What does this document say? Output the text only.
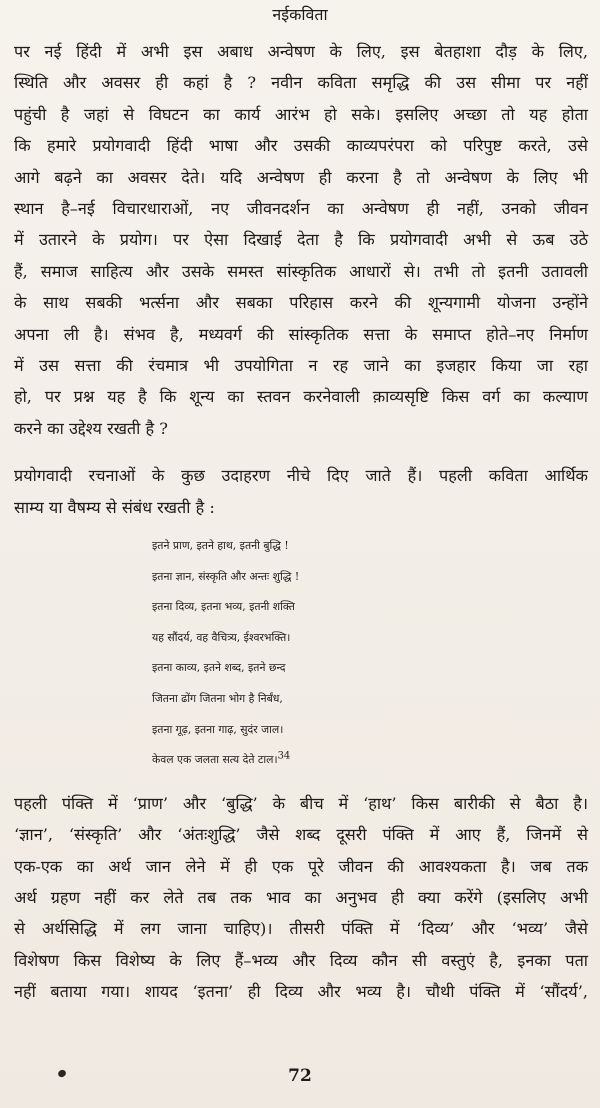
नईकविता

पर नई हिंदी में अभी इस अबाध अन्वेषण के लिए, इस बेतहाशा दौड़ के लिए,
स्थिति और अवसर ही कहां है ? नवीन कविता समृद्धि की उस सीमा पर नहीं
पहुंची है जहां से विघटन का कार्य आरंभ हो सके। इसलिए अच्छा तो यह होता
कि हमारे प्रयोगवादी हिंदी भाषा और उसकी काव्यपरंपरा को परिपुष्ट करते, उसे
आगे बढ़ने का अवसर देते। यदि अन्वेषण ही करना है तो अन्वेषण के लिए भी
स्थान है–नई विचारधाराओं, नए जीवनदर्शन का अन्वेषण ही नहीं, उनको जीवन
में उतारने के प्रयोग। पर ऐसा दिखाई देता है कि प्रयोगवादी अभी से ऊब उठे
हैं, समाज साहित्य और उसके समस्त सांस्कृतिक आधारों से। तभी तो इतनी उतावली
के साथ सबकी भर्त्सना और सबका परिहास करने की शून्यगामी योजना उन्होंने
अपना ली है। संभव है, मध्यवर्ग की सांस्कृतिक सत्ता के समाप्त होते–नए निर्माण
में उस सत्ता की रंचमात्र भी उपयोगिता न रह जाने का इजहार किया जा रहा
हो, पर प्रश्न यह है कि शून्य का स्तवन करनेवाली क़ाव्यसृष्टि किस वर्ग का कल्याण
करने का उद्देश्य रखती है ?

प्रयोगवादी रचनाओं के कुछ उदाहरण नीचे दिए जाते हैं। पहली कविता आर्थिक
साम्य या वैषम्य से संबंध रखती है :

इतने प्राण, इतने हाथ, इतनी बुद्धि !
इतना ज्ञान, संस्कृति और अन्तः शुद्धि !
इतना दिव्य, इतना भव्य, इतनी शक्ति
यह सौंदर्य, वह वैचित्र्य, ईश्वरभक्ति।
इतना काव्य, इतने शब्द, इतने छन्द
जितना ढोंग जितना भोग है निर्बंध,
इतना गूढ़, इतना गाढ़, सुदंर जाल।
केवल एक जलता सत्य देते टाल।34

पहली पंक्ति में ‘प्राण’ और ‘बुद्धि’ के बीच में ‘हाथ’ किस बारीकी से बैठा है।
‘ज्ञान’, ‘संस्कृति’ और ‘अंतःशुद्धि’ जैसे शब्द दूसरी पंक्ति में आए हैं, जिनमें से
एक-एक का अर्थ जान लेने में ही एक पूरे जीवन की आवश्यकता है। जब तक
अर्थ ग्रहण नहीं कर लेते तब तक भाव का अनुभव ही क्या करेंगे (इसलिए अभी
से अर्थसिद्धि में लग जाना चाहिए)। तीसरी पंक्ति में ‘दिव्य’ और ‘भव्य’ जैसे
विशेषण किस विशेष्य के लिए हैं–भव्य और दिव्य कौन सी वस्तुएं है, इनका पता
नहीं बताया गया। शायद ‘इतना’ ही दिव्य और भव्य है। चौथी पंक्ति में ‘सौंदर्य’,

72
